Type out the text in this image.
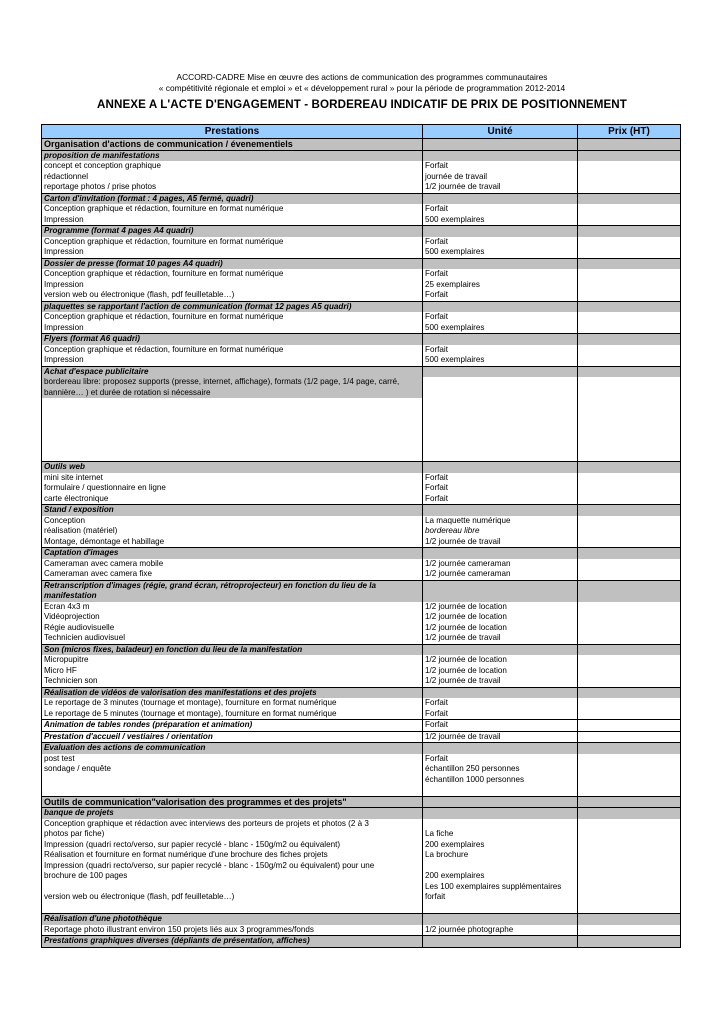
ACCORD-CADRE Mise en œuvre des actions de communication des programmes communautaires
« compétitivité régionale et emploi » et « développement rural » pour la période de programmation 2012-2014
ANNEXE A L'ACTE D'ENGAGEMENT - BORDEREAU INDICATIF DE PRIX DE POSITIONNEMENT
Prestations	Unité	Prix (HT)
Organisation d'actions de communication / évenementiels		
proposition de manifestations		
concept et conception graphique	Forfait	
rédactionnel	journée de travail	
reportage photos / prise photos	1/2 journée de travail	
Carton d'invitation (format : 4 pages, A5 fermé, quadri)		
Conception graphique et rédaction, fourniture en format numérique	Forfait	
Impression	500 exemplaires	
Programme (format 4 pages A4 quadri)		
Conception graphique et rédaction, fourniture en format numérique	Forfait	
Impression	500 exemplaires	
Dossier de presse (format 10 pages A4 quadri)		
Conception graphique et rédaction, fourniture en format numérique	Forfait	
Impression	25 exemplaires	
version web ou électronique (flash, pdf feuilletable…)	Forfait	
plaquettes se rapportant l'action de communication (format 12 pages A5 quadri)		
Conception graphique et rédaction, fourniture en format numérique	Forfait	
Impression	500 exemplaires	
Flyers (format A6 quadri)		
Conception graphique et rédaction, fourniture en format numérique	Forfait	
Impression	500 exemplaires	
Achat d'espace publicitaire		
bordereau libre: proposez supports (presse, internet, affichage), formats (1/2 page, 1/4 page, carré, bannière… ) et durée de rotation si nécessaire		

Outils web		
mini site internet	Forfait	
formulaire / questionnaire en ligne	Forfait	
carte électronique	Forfait	
Stand / exposition		
Conception	La maquette numérique	
réalisation (matériel)	bordereau libre	
Montage, démontage et habillage	1/2 journée de travail	
Captation d'images		
Cameraman avec camera mobile	1/2 journée cameraman	
Cameraman avec camera fixe	1/2 journée cameraman	
Retranscription d'images (régie, grand écran, rétroprojecteur) en fonction du lieu de la manifestation		
Ecran 4x3 m	1/2 journée de location	
Vidéoprojection	1/2 journée de location	
Régie audiovisuelle	1/2 journée de location	
Technicien audiovisuel	1/2 journée de travail	
Son (micros fixes, baladeur) en fonction du lieu de la manifestation		
Micropupitre	1/2 journée de location	
Micro HF	1/2 journée de location	
Technicien son	1/2 journée de travail	
Réalisation de vidéos de valorisation des manifestations et des projets		
Le reportage de 3 minutes (tournage et montage), fourniture en format numérique	Forfait	
Le reportage de 5 minutes (tournage et montage), fourniture en format numérique	Forfait	
Animation de tables rondes (préparation et animation)	Forfait	
Prestation d'accueil / vestiaires / orientation	1/2 journée de travail	
Evaluation des actions de communication		
post test	Forfait	
sondage / enquête	échantillon 250 personnes	
	échantillon 1000 personnes	

Outils de communication"valorisation des programmes et des projets"		
banque de projets		
Conception graphique et rédaction avec interviews des porteurs de projets et photos (2 à 3		
photos par fiche)	La fiche	
Impression (quadri recto/verso, sur papier recyclé - blanc - 150g/m2 ou équivalent)	200 exemplaires	
Réalisation et fourniture en format numérique d'une brochure des fiches projets	La brochure	
Impression (quadri recto/verso, sur papier recyclé - blanc - 150g/m2 ou équivalent) pour une		
brochure de 100 pages	200 exemplaires	
	Les 100 exemplaires supplémentaires	
version web ou électronique (flash, pdf feuilletable…)	forfait	

Réalisation d'une photothèque		
Reportage photo illustrant environ 150 projets liés aux 3 programmes/fonds	1/2 journée photographe	
Prestations graphiques diverses (dépliants de présentation, affiches)		
